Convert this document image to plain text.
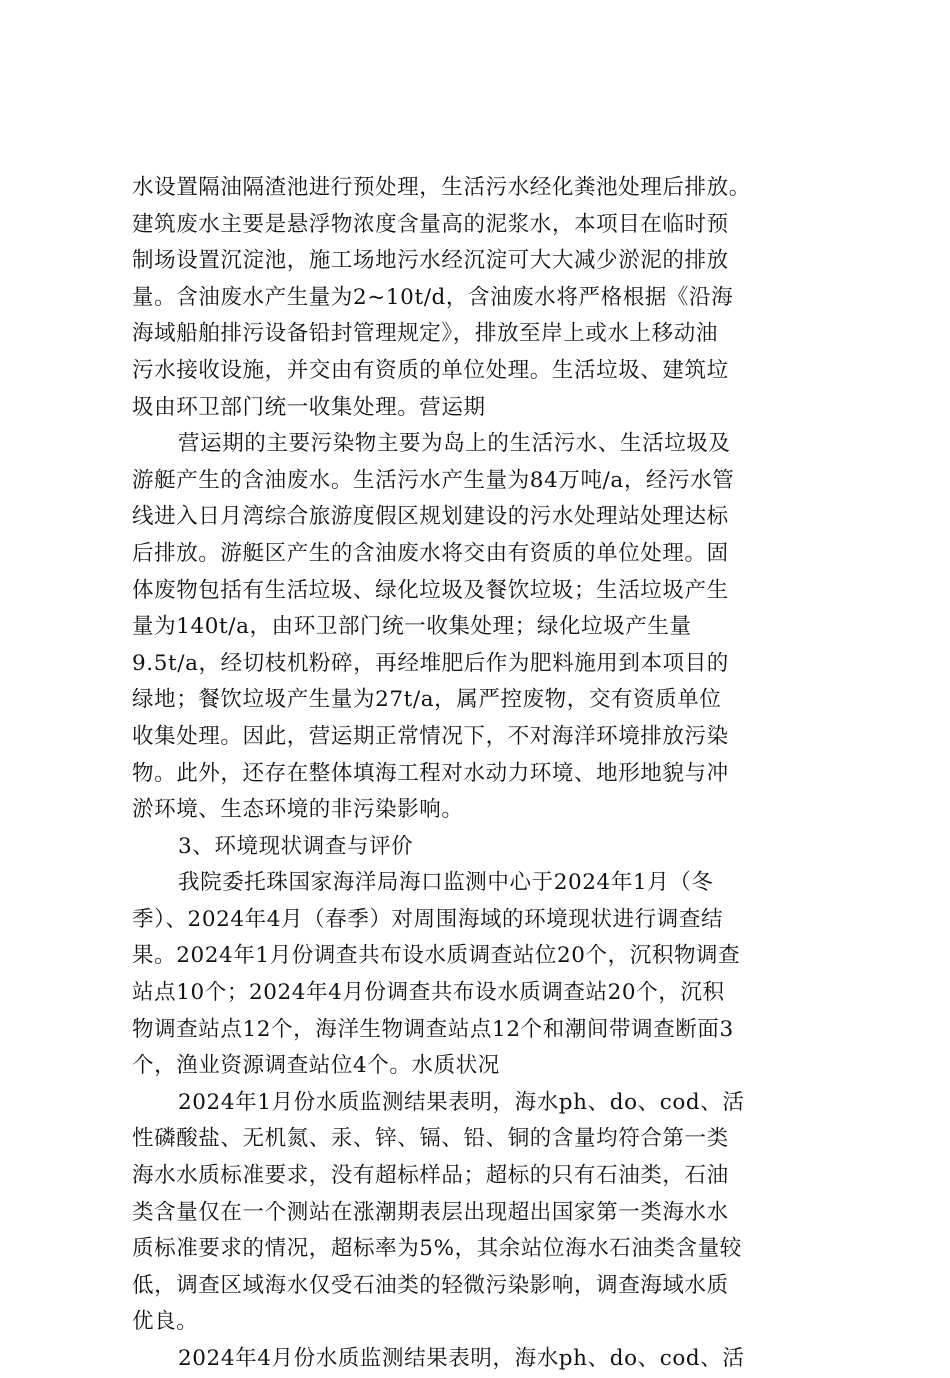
水设置隔油隔渣池进行预处理，生活污水经化粪池处理后排放。
建筑废水主要是悬浮物浓度含量高的泥浆水，本项目在临时预
制场设置沉淀池，施工场地污水经沉淀可大大减少淤泥的排放
量。含油废水产生量为2~10t/d，含油废水将严格根据《沿海
海域船舶排污设备铅封管理规定》，排放至岸上或水上移动油
污水接收设施，并交由有资质的单位处理。生活垃圾、建筑垃
圾由环卫部门统一收集处理。营运期
营运期的主要污染物主要为岛上的生活污水、生活垃圾及
游艇产生的含油废水。生活污水产生量为84万吨/a，经污水管
线进入日月湾综合旅游度假区规划建设的污水处理站处理达标
后排放。游艇区产生的含油废水将交由有资质的单位处理。固
体废物包括有生活垃圾、绿化垃圾及餐饮垃圾；生活垃圾产生
量为140t/a，由环卫部门统一收集处理；绿化垃圾产生量
9.5t/a，经切枝机粉碎，再经堆肥后作为肥料施用到本项目的
绿地；餐饮垃圾产生量为27t/a，属严控废物，交有资质单位
收集处理。因此，营运期正常情况下，不对海洋环境排放污染
物。此外，还存在整体填海工程对水动力环境、地形地貌与冲
淤环境、生态环境的非污染影响。
3、环境现状调查与评价
我院委托珠国家海洋局海口监测中心于2024年1月（冬
季）、2024年4月（春季）对周围海域的环境现状进行调查结
果。2024年1月份调查共布设水质调查站位20个，沉积物调查
站点10个；2024年4月份调查共布设水质调查站20个，沉积
物调查站点12个，海洋生物调查站点12个和潮间带调查断面3
个，渔业资源调查站位4个。水质状况
2024年1月份水质监测结果表明，海水ph、do、cod、活
性磷酸盐、无机氮、汞、锌、镉、铅、铜的含量均符合第一类
海水水质标准要求，没有超标样品；超标的只有石油类，石油
类含量仅在一个测站在涨潮期表层出现超出国家第一类海水水
质标准要求的情况，超标率为5%，其余站位海水石油类含量较
低，调查区域海水仅受石油类的轻微污染影响，调查海域水质
优良。
2024年4月份水质监测结果表明，海水ph、do、cod、活
